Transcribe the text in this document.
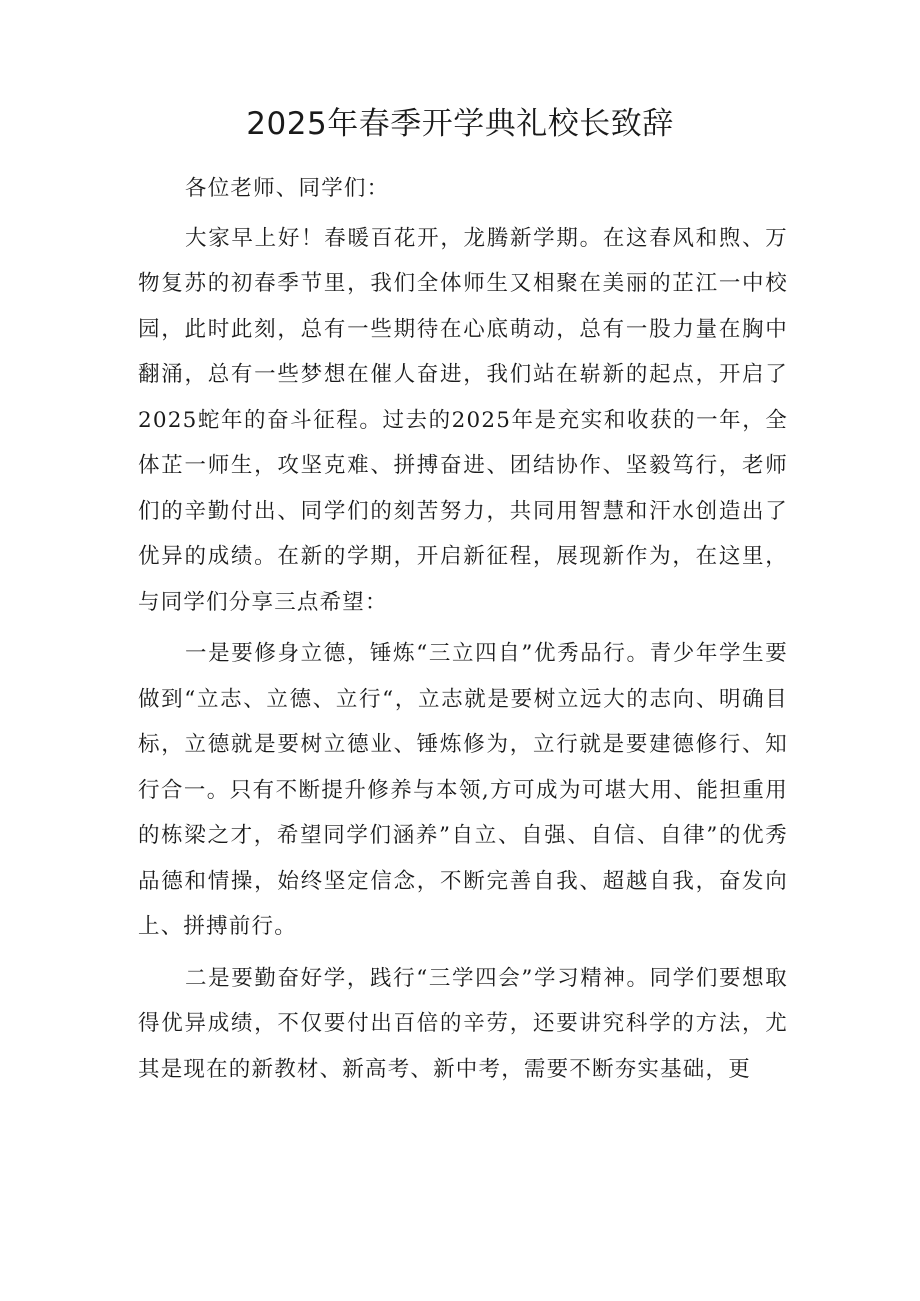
2025年春季开学典礼校长致辞

各位老师、同学们：

大家早上好！春暖百花开，龙腾新学期。在这春风和煦、万物复苏的初春季节里，我们全体师生又相聚在美丽的芷江一中校园，此时此刻，总有一些期待在心底萌动，总有一股力量在胸中翻涌，总有一些梦想在催人奋进，我们站在崭新的起点，开启了2025蛇年的奋斗征程。过去的2025年是充实和收获的一年，全体芷一师生，攻坚克难、拼搏奋进、团结协作、坚毅笃行，老师们的辛勤付出、同学们的刻苦努力，共同用智慧和汗水创造出了优异的成绩。在新的学期，开启新征程，展现新作为，在这里，与同学们分享三点希望：

一是要修身立德，锤炼“三立四自”优秀品行。青少年学生要做到“立志、立德、立行“，立志就是要树立远大的志向、明确目标，立德就是要树立德业、锤炼修为，立行就是要建德修行、知行合一。只有不断提升修养与本领,方可成为可堪大用、能担重用的栋梁之才，希望同学们涵养”自立、自强、自信、自律”的优秀品德和情操，始终坚定信念，不断完善自我、超越自我，奋发向上、拼搏前行。

二是要勤奋好学，践行“三学四会”学习精神。同学们要想取得优异成绩，不仅要付出百倍的辛劳，还要讲究科学的方法，尤其是现在的新教材、新高考、新中考，需要不断夯实基础，更
